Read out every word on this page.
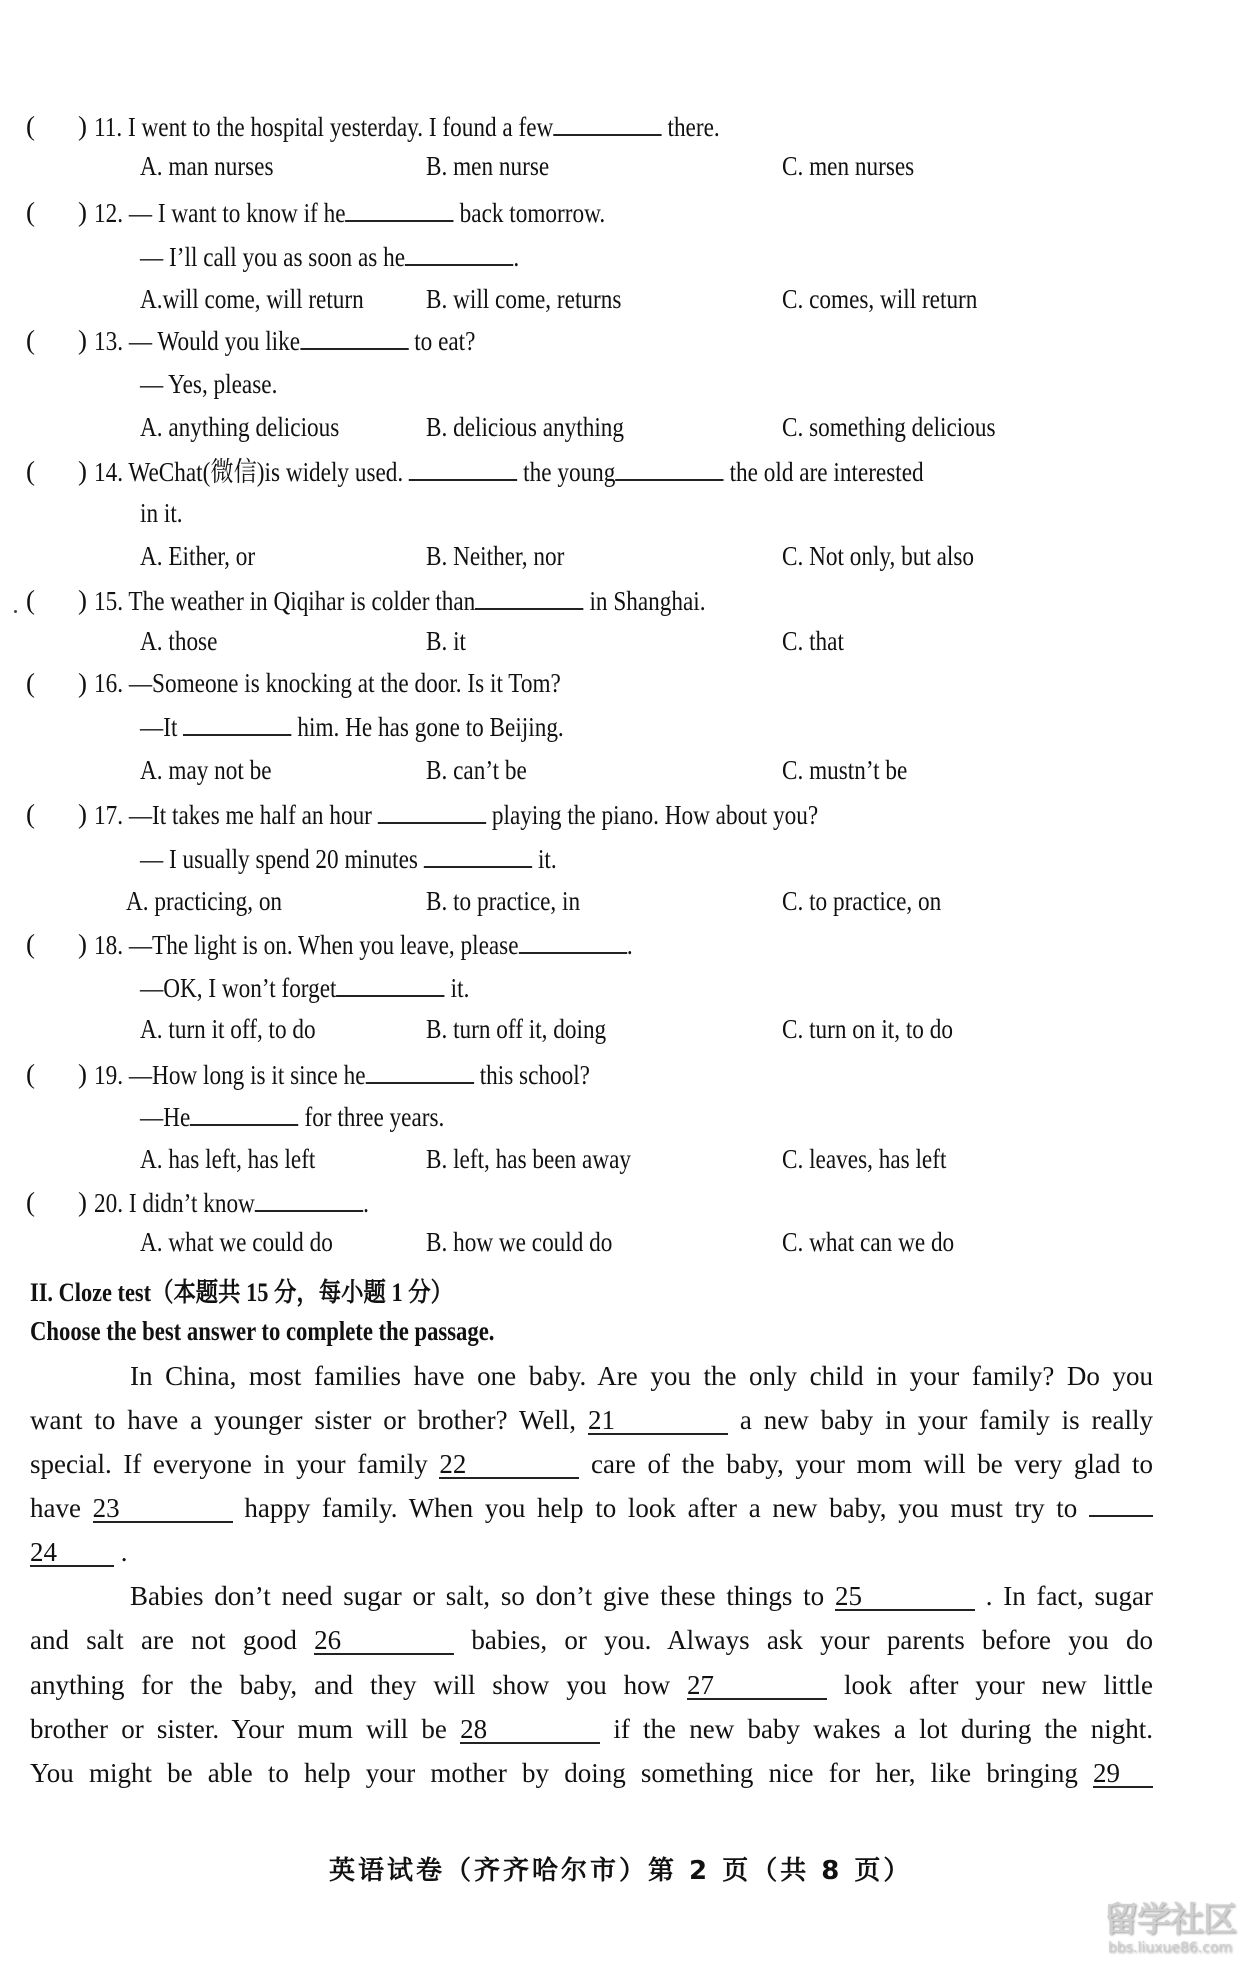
II. Cloze test（本题共 15 分，每小题 1 分）
Choose the best answer to complete the passage.
英语试卷（齐齐哈尔市）第 2 页（共 8 页）
留学社区
bbs.liuxue86.com
( ) 11. I went to the hospital yesterday. I found a few	there.
A. man nurses	B. men nurse	C. men nurses
( ) 12. — I want to know if he	back tomorrow.
— I’ll call you as soon as he	.
A.will come, will return B. will come, returns	C. comes, will return
( ) 13. — Would you like	to eat?
— Yes, please.
A. anything delicious	B. delicious anything	C. something delicious
( ) 14. WeChat(微信)is widely used.	the young	the old are interested
in it.
A. Either, or	B. Neither, nor	C. Not only, but also
( ) 15. The weather in Qiqihar is colder than	in Shanghai.
A. those	B. it	C. that
( ) 16. —Someone is knocking at the door. Is it Tom?
—It	him. He has gone to Beijing.
A. may not be	B. can’t be	C. mustn’t be
( ) 17. —It takes me half an hour	playing the piano. How about you?
— I usually spend 20 minutes	it.
A. practicing, on	B. to practice, in	C. to practice, on
( ) 18. —The light is on. When you leave, please	.
—OK, I won’t forget	it.
A. turn it off, to do	B. turn off it, doing	C. turn on it, to do
( ) 19. —How long is it since he	this school?
—He	for three years.
A. has left, has left	B. left, has been away	C. leaves, has left
( ) 20. I didn’t know	.
A. what we could do	B. how we could do	C. what can we do
In China, most families have one baby. Are you the only child in your family? Do you
want to have a younger sister or brother? Well, 21	a new baby in your family is really
special. If everyone in your family 22	care of the baby, your mom will be very glad to
have 23	happy family. When you help to look after a new baby, you must try to
24 .
Babies don’t need sugar or salt, so don’t give these things to 25	. In fact, sugar
and salt are not good 26	babies, or you. Always ask your parents before you do
anything for the baby, and they will show you how 27	look after your new little
brother or sister. Your mum will be 28	if the new baby wakes a lot during the night.
You might be able to help your mother by doing something nice for her, like bringing 29
